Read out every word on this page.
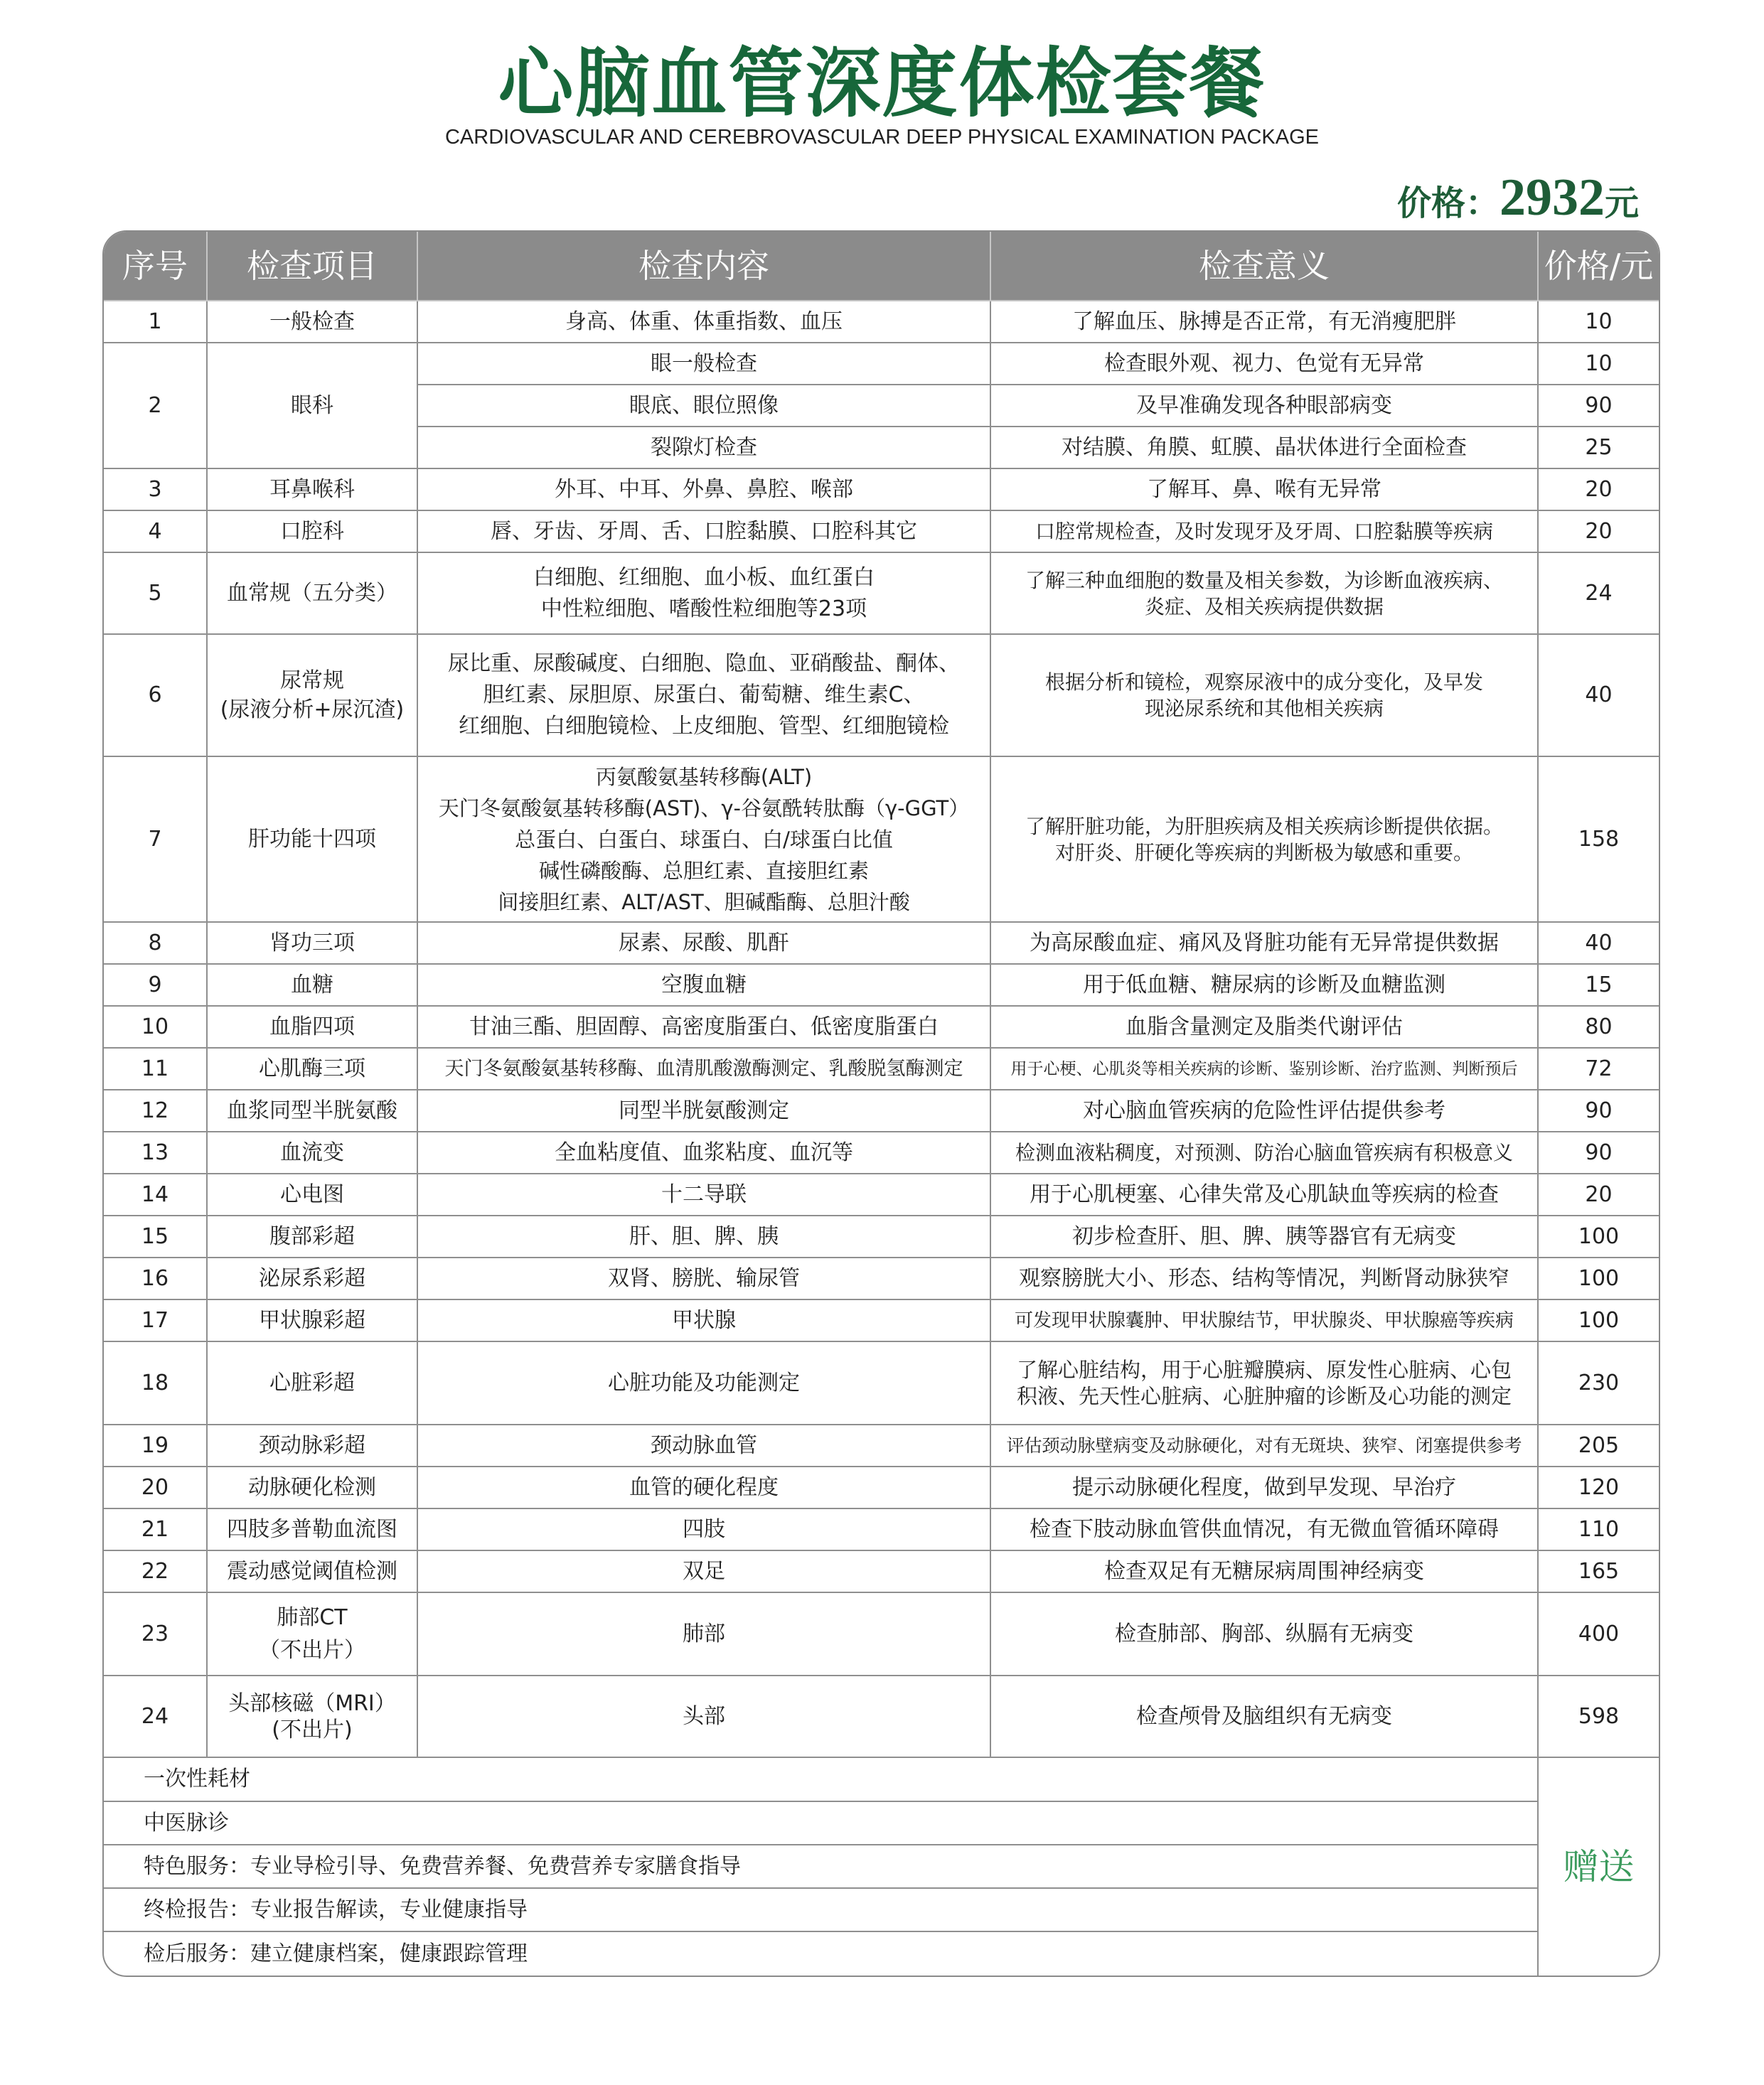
心脑血管深度体检套餐
CARDIOVASCULAR AND CEREBROVASCULAR DEEP PHYSICAL EXAMINATION PACKAGE
价格：2932元
序号	检查项目	检查内容	检查意义	价格/元
1	一般检查	身高、体重、体重指数、血压	了解血压、脉搏是否正常，有无消瘦肥胖	10
2	眼科	眼一般检查	检查眼外观、视力、色觉有无异常	10

		眼底、眼位照像	及早准确发现各种眼部病变	90

		裂隙灯检查	对结膜、角膜、虹膜、晶状体进行全面检查	25
3	耳鼻喉科	外耳、中耳、外鼻、鼻腔、喉部	了解耳、鼻、喉有无异常	20
4	口腔科	唇、牙齿、牙周、舌、口腔黏膜、口腔科其它	口腔常规检查，及时发现牙及牙周、口腔黏膜等疾病	20
5	血常规（五分类）	白细胞、红细胞、血小板、血红蛋白
中性粒细胞、嗜酸性粒细胞等23项	了解三种血细胞的数量及相关参数，为诊断血液疾病、
炎症、及相关疾病提供数据	24
6	尿常规
(尿液分析+尿沉渣)	尿比重、尿酸碱度、白细胞、隐血、亚硝酸盐、酮体、
胆红素、尿胆原、尿蛋白、葡萄糖、维生素C、
红细胞、白细胞镜检、上皮细胞、管型、红细胞镜检	根据分析和镜检，观察尿液中的成分变化，及早发
现泌尿系统和其他相关疾病	40
7	肝功能十四项	丙氨酸氨基转移酶(ALT)
天门冬氨酸氨基转移酶(AST)、γ-谷氨酰转肽酶（γ-GGT）
总蛋白、白蛋白、球蛋白、白/球蛋白比值
碱性磷酸酶、总胆红素、直接胆红素
间接胆红素、ALT/AST、胆碱酯酶、总胆汁酸	了解肝脏功能，为肝胆疾病及相关疾病诊断提供依据。
对肝炎、肝硬化等疾病的判断极为敏感和重要。	158
8	肾功三项	尿素、尿酸、肌酐	为高尿酸血症、痛风及肾脏功能有无异常提供数据	40
9	血糖	空腹血糖	用于低血糖、糖尿病的诊断及血糖监测	15
10	血脂四项	甘油三酯、胆固醇、高密度脂蛋白、低密度脂蛋白	血脂含量测定及脂类代谢评估	80
11	心肌酶三项	天门冬氨酸氨基转移酶、血清肌酸激酶测定、乳酸脱氢酶测定	用于心梗、心肌炎等相关疾病的诊断、鉴别诊断、治疗监测、判断预后	72
12	血浆同型半胱氨酸	同型半胱氨酸测定	对心脑血管疾病的危险性评估提供参考	90
13	血流变	全血粘度值、血浆粘度、血沉等	检测血液粘稠度，对预测、防治心脑血管疾病有积极意义	90
14	心电图	十二导联	用于心肌梗塞、心律失常及心肌缺血等疾病的检查	20
15	腹部彩超	肝、胆、脾、胰	初步检查肝、胆、脾、胰等器官有无病变	100
16	泌尿系彩超	双肾、膀胱、输尿管	观察膀胱大小、形态、结构等情况，判断肾动脉狭窄	100
17	甲状腺彩超	甲状腺	可发现甲状腺囊肿、甲状腺结节，甲状腺炎、甲状腺癌等疾病	100
18	心脏彩超	心脏功能及功能测定	了解心脏结构，用于心脏瓣膜病、原发性心脏病、心包
积液、先天性心脏病、心脏肿瘤的诊断及心功能的测定	230
19	颈动脉彩超	颈动脉血管	评估颈动脉壁病变及动脉硬化，对有无斑块、狭窄、闭塞提供参考	205
20	动脉硬化检测	血管的硬化程度	提示动脉硬化程度，做到早发现、早治疗	120
21	四肢多普勒血流图	四肢	检查下肢动脉血管供血情况，有无微血管循环障碍	110
22	震动感觉阈值检测	双足	检查双足有无糖尿病周围神经病变	165
23	肺部CT
（不出片）	肺部	检查肺部、胸部、纵膈有无病变	400
24	头部核磁（MRI）
(不出片)	头部	检查颅骨及脑组织有无病变	598
一次性耗材				赠送
中医脉诊				
特色服务：专业导检引导、免费营养餐、免费营养专家膳食指导				
终检报告：专业报告解读，专业健康指导				
检后服务：建立健康档案，健康跟踪管理				
